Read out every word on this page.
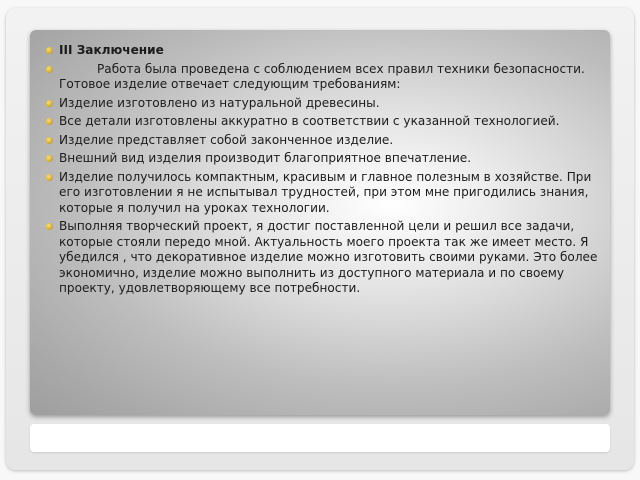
III Заключение
Работа была проведена с соблюдением всех правил техники безопасности.
Готовое изделие отвечает следующим требованиям:
Изделие изготовлено из натуральной древесины.
Все детали изготовлены аккуратно в соответствии с указанной технологией.
Изделие представляет собой законченное изделие.
Внешний вид изделия производит благоприятное впечатление.
Изделие получилось компактным, красивым и главное полезным в хозяйстве. При его изготовлении я не испытывал трудностей, при этом мне пригодились знания, которые я получил на уроках технологии.
Выполняя творческий проект, я достиг поставленной цели и решил все задачи, которые стояли передо мной. Актуальность моего проекта так же имеет место. Я убедился , что декоративное изделие можно изготовить своими руками. Это более экономично, изделие можно выполнить из доступного материала и по своему проекту, удовлетворяющему все потребности.
